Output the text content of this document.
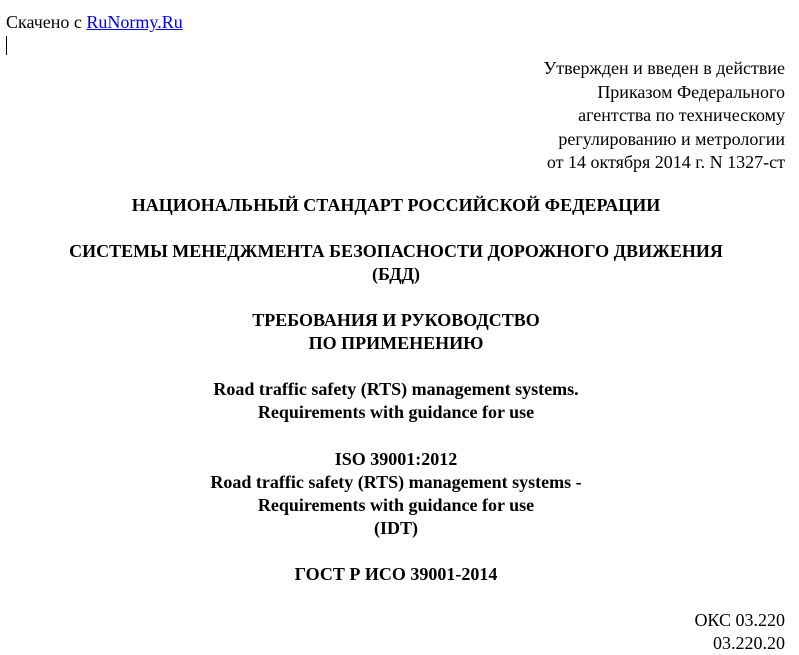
Скачено с RuNormy.Ru
Утвержден и введен в действие
Приказом Федерального
агентства по техническому
регулированию и метрологии
от 14 октября 2014 г. N 1327-ст
НАЦИОНАЛЬНЫЙ СТАНДАРТ РОССИЙСКОЙ ФЕДЕРАЦИИ
СИСТЕМЫ МЕНЕДЖМЕНТА БЕЗОПАСНОСТИ ДОРОЖНОГО ДВИЖЕНИЯ
(БДД)
ТРЕБОВАНИЯ И РУКОВОДСТВО
ПО ПРИМЕНЕНИЮ
Road traffic safety (RTS) management systems.
Requirements with guidance for use
ISO 39001:2012
Road traffic safety (RTS) management systems -
Requirements with guidance for use
(IDT)
ГОСТ Р ИСО 39001-2014
ОКС 03.220
03.220.20
